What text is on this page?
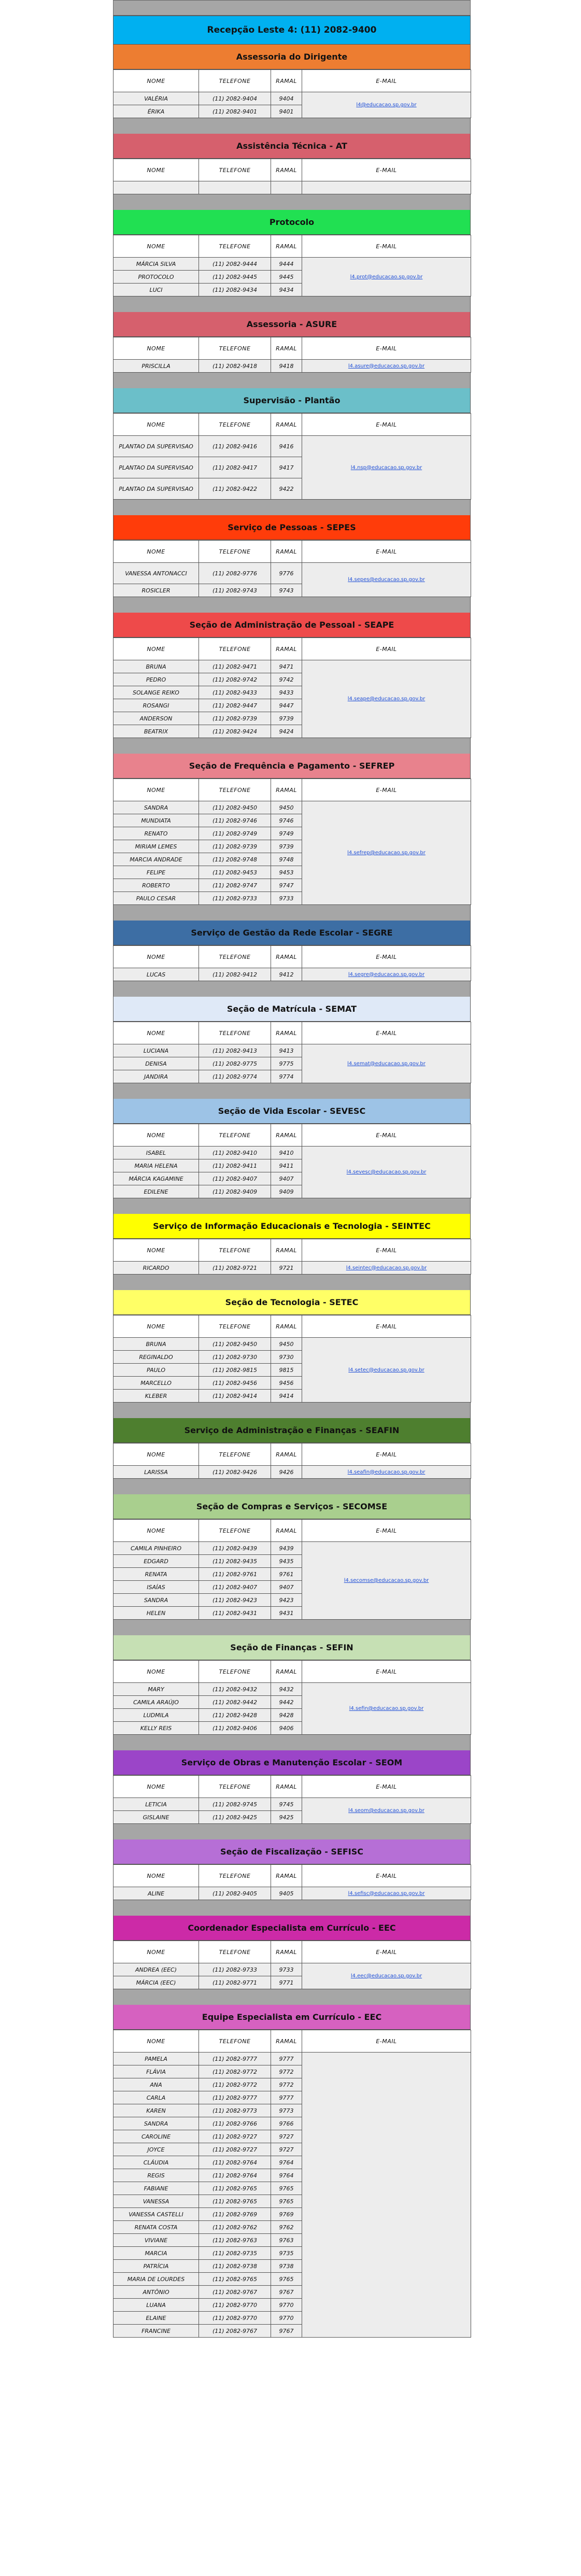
Recepção Leste 4: (11) 2082-9400
Assessoria do Dirigente
NOME	TELEFONE	RAMAL	E-MAIL
VALÉRIA	(11) 2082-9404	9404	l4@educacao.sp.gov.br
ÉRIKA	(11) 2082-9401	9401	
Assistência Técnica - AT
NOME	TELEFONE	RAMAL	E-MAIL

Protocolo
NOME	TELEFONE	RAMAL	E-MAIL
MÁRCIA SILVA	(11) 2082-9444	9444	l4.prot@educacao.sp.gov.br
PROTOCOLO	(11) 2082-9445	9445	
LUCI	(11) 2082-9434	9434	
Assessoria - ASURE
NOME	TELEFONE	RAMAL	E-MAIL
PRISCILLA	(11) 2082-9418	9418	l4.asure@educacao.sp.gov.br
Supervisão - Plantão
NOME	TELEFONE	RAMAL	E-MAIL
PLANTAO DA SUPERVISAO	(11) 2082-9416	9416	l4.nsp@educacao.sp.gov.br
PLANTAO DA SUPERVISAO	(11) 2082-9417	9417	
PLANTAO DA SUPERVISAO	(11) 2082-9422	9422	
Serviço de Pessoas - SEPES
NOME	TELEFONE	RAMAL	E-MAIL
VANESSA ANTONACCI	(11) 2082-9776	9776	l4.sepes@educacao.sp.gov.br
ROSICLER	(11) 2082-9743	9743	
Seção de Administração de Pessoal - SEAPE
NOME	TELEFONE	RAMAL	E-MAIL
BRUNA	(11) 2082-9471	9471	l4.seape@educacao.sp.gov.br
PEDRO	(11) 2082-9742	9742	
SOLANGE REIKO	(11) 2082-9433	9433	
ROSANGI	(11) 2082-9447	9447	
ANDERSON	(11) 2082-9739	9739	
BEATRIX	(11) 2082-9424	9424	
Seção de Frequência e Pagamento - SEFREP
NOME	TELEFONE	RAMAL	E-MAIL
SANDRA	(11) 2082-9450	9450	l4.sefrep@educacao.sp.gov.br
MUNDIATA	(11) 2082-9746	9746	
RENATO	(11) 2082-9749	9749	
MIRIAM LEMES	(11) 2082-9739	9739	
MARCIA ANDRADE	(11) 2082-9748	9748	
FELIPE	(11) 2082-9453	9453	
ROBERTO	(11) 2082-9747	9747	
PAULO CESAR	(11) 2082-9733	9733	
Serviço de Gestão da Rede Escolar - SEGRE
NOME	TELEFONE	RAMAL	E-MAIL
LUCAS	(11) 2082-9412	9412	l4.segre@educacao.sp.gov.br
Seção de Matrícula - SEMAT
NOME	TELEFONE	RAMAL	E-MAIL
LUCIANA	(11) 2082-9413	9413	l4.semat@educacao.sp.gov.br
DENISA	(11) 2082-9775	9775	
JANDIRA	(11) 2082-9774	9774	
Seção de Vida Escolar - SEVESC
NOME	TELEFONE	RAMAL	E-MAIL
ISABEL	(11) 2082-9410	9410	l4.sevesc@educacao.sp.gov.br
MARIA HELENA	(11) 2082-9411	9411	
MÁRCIA KAGAMINE	(11) 2082-9407	9407	
EDILENE	(11) 2082-9409	9409	
Serviço de Informação Educacionais e Tecnologia - SEINTEC
NOME	TELEFONE	RAMAL	E-MAIL
RICARDO	(11) 2082-9721	9721	l4.seintec@educacao.sp.gov.br
Seção de Tecnologia - SETEC
NOME	TELEFONE	RAMAL	E-MAIL
BRUNA	(11) 2082-9450	9450	l4.setec@educacao.sp.gov.br
REGINALDO	(11) 2082-9730	9730	
PAULO	(11) 2082-9815	9815	
MARCELLO	(11) 2082-9456	9456	
KLEBER	(11) 2082-9414	9414	
Serviço de Administração e Finanças - SEAFIN
NOME	TELEFONE	RAMAL	E-MAIL
LARISSA	(11) 2082-9426	9426	l4.seafin@educacao.sp.gov.br
Seção de Compras e Serviços - SECOMSE
NOME	TELEFONE	RAMAL	E-MAIL
CAMILA PINHEIRO	(11) 2082-9439	9439	l4.secomse@educacao.sp.gov.br
EDGARD	(11) 2082-9435	9435	
RENATA	(11) 2082-9761	9761	
ISAÍAS	(11) 2082-9407	9407	
SANDRA	(11) 2082-9423	9423	
HELEN	(11) 2082-9431	9431	
Seção de Finanças - SEFIN
NOME	TELEFONE	RAMAL	E-MAIL
MARY	(11) 2082-9432	9432	l4.sefin@educacao.sp.gov.br
CAMILA ARAÚJO	(11) 2082-9442	9442	
LUDMILA	(11) 2082-9428	9428	
KELLY REIS	(11) 2082-9406	9406	
Serviço de Obras e Manutenção Escolar - SEOM
NOME	TELEFONE	RAMAL	E-MAIL
LETICIA	(11) 2082-9745	9745	l4.seom@educacao.sp.gov.br
GISLAINE	(11) 2082-9425	9425	
Seção de Fiscalização - SEFISC
NOME	TELEFONE	RAMAL	E-MAIL
ALINE	(11) 2082-9405	9405	l4.sefisc@educacao.sp.gov.br
Coordenador Especialista em Currículo - EEC
NOME	TELEFONE	RAMAL	E-MAIL
ANDREA (EEC)	(11) 2082-9733	9733	l4.eec@educacao.sp.gov.br
MÁRCIA (EEC)	(11) 2082-9771	9771	
Equipe Especialista em Currículo - EEC
NOME	TELEFONE	RAMAL	E-MAIL
PAMELA	(11) 2082-9777	9777	
FLÁVIA	(11) 2082-9772	9772	
ANA	(11) 2082-9772	9772	
CARLA	(11) 2082-9777	9777	
KAREN	(11) 2082-9773	9773	
SANDRA	(11) 2082-9766	9766	
CAROLINE	(11) 2082-9727	9727	
JOYCE	(11) 2082-9727	9727	
CLÁUDIA	(11) 2082-9764	9764	
REGIS	(11) 2082-9764	9764	
FABIANE	(11) 2082-9765	9765	
VANESSA	(11) 2082-9765	9765	
VANESSA CASTELLI	(11) 2082-9769	9769	
RENATA COSTA	(11) 2082-9762	9762	
VIVIANE	(11) 2082-9763	9763	
MARCIA	(11) 2082-9735	9735	
PATRÍCIA	(11) 2082-9738	9738	
MARIA DE LOURDES	(11) 2082-9765	9765	
ANTÔNIO	(11) 2082-9767	9767	
LUANA	(11) 2082-9770	9770	
ELAINE	(11) 2082-9770	9770	
FRANCINE	(11) 2082-9767	9767	
